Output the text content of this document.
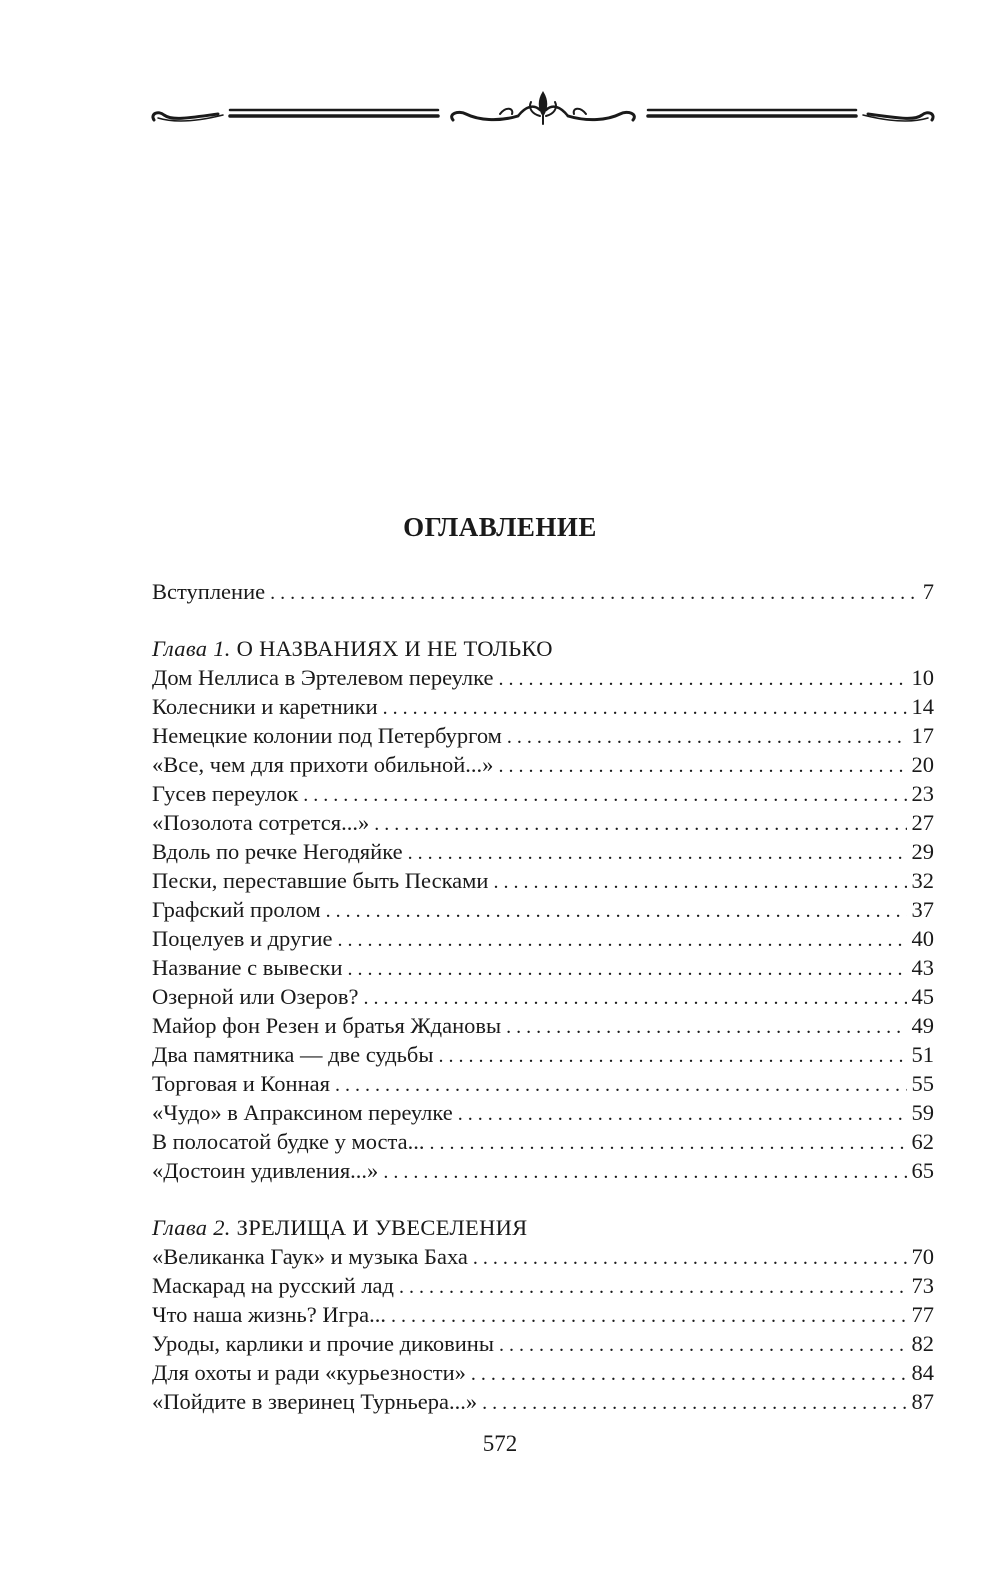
ОГЛАВЛЕНИЕ
Вступление . . .	7
Глава 1. О НАЗВАНИЯХ И НЕ ТОЛЬКО
Дом Неллиса в Эртелевом переулке . . .	10
Колесники и каретники . . .	14
Немецкие колонии под Петербургом . . .	17
«Все, чем для прихоти обильной...» . . .	20
Гусев переулок . . .	23
«Позолота сотрется...» . . .	27
Вдоль по речке Негодяйке . . .	29
Пески, переставшие быть Песками . . .	32
Графский пролом . . .	37
Поцелуев и другие . . .	40
Название с вывески . . .	43
Озерной или Озеров? . . .	45
Майор фон Резен и братья Ждановы . . .	49
Два памятника — две судьбы . . .	51
Торговая и Конная . . .	55
«Чудо» в Апраксином переулке . . .	59
В полосатой будке у моста... . . .	62
«Достоин удивления...» . . .	65
Глава 2. ЗРЕЛИЩА И УВЕСЕЛЕНИЯ
«Великанка Гаук» и музыка Баха . . .	70
Маскарад на русский лад . . .	73
Что наша жизнь? Игра... . . .	77
Уроды, карлики и прочие диковины . . .	82
Для охоты и ради «курьезности» . . .	84
«Пойдите в зверинец Турньера...» . . .	87
572
